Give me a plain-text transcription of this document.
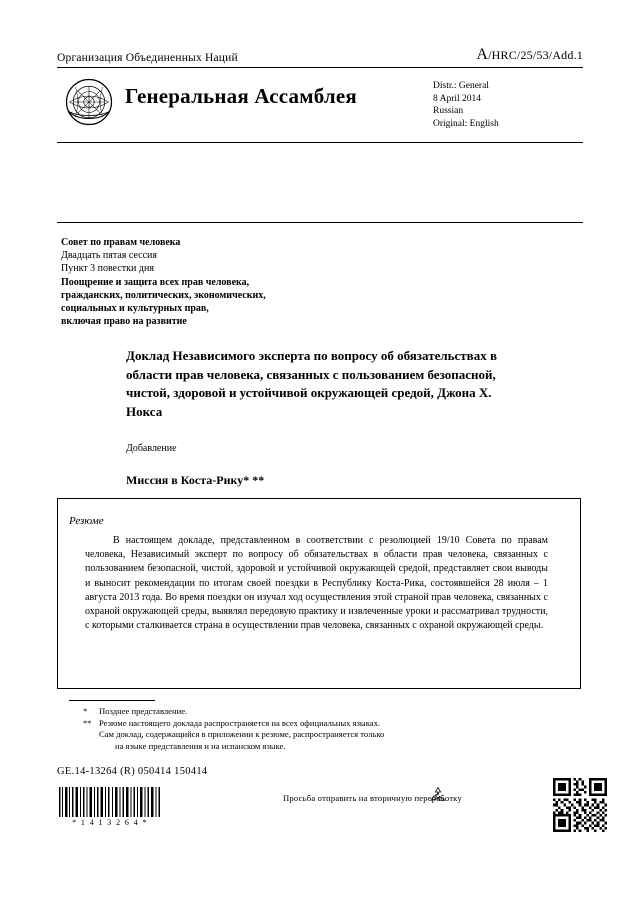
Организация Объединенных Наций	A/HRC/25/53/Add.1
Генеральная Ассамблея	Distr.: General
8 April 2014
Russian
Original: English
Совет по правам человека
Двадцать пятая сессия
Пункт 3 повестки дня
Поощрение и защита всех прав человека,
гражданских, политических, экономических,
социальных и культурных прав,
включая право на развитие
Доклад Независимого эксперта по вопросу об обязательствах в области прав человека, связанных с пользованием безопасной, чистой, здоровой и устойчивой окружающей средой, Джона Х. Нокса
Добавление
Миссия в Коста-Рику* **
Резюме
В настоящем докладе, представленном в соответствии с резолюцией 19/10 Совета по правам человека, Независимый эксперт по вопросу об обязательствах в области прав человека, связанных с пользованием безопасной, чистой, здоровой и устойчивой окружающей средой, представляет свои выводы и выносит рекомендации по итогам своей поездки в Республику Коста-Рика, состоявшейся 28 июля – 1 августа 2013 года. Во время поездки он изучал ход осуществления этой страной прав человека, связанных с охраной окружающей среды, выявлял передовую практику и извлеченные уроки и рассматривал трудности, с которыми сталкивается страна в осуществлении прав человека, связанных с охраной окружающей среды.
*	Позднее представление.
** Резюме настоящего доклада распространяется на всех официальных языках.
Сам доклад, содержащийся в приложении к резюме, распространяется только
на языке представления и на испанском языке.
GE.14-13264 (R) 050414 150414
* 1 4 1 3 2 6 4 *
Просьба отправить на вторичную переработку
